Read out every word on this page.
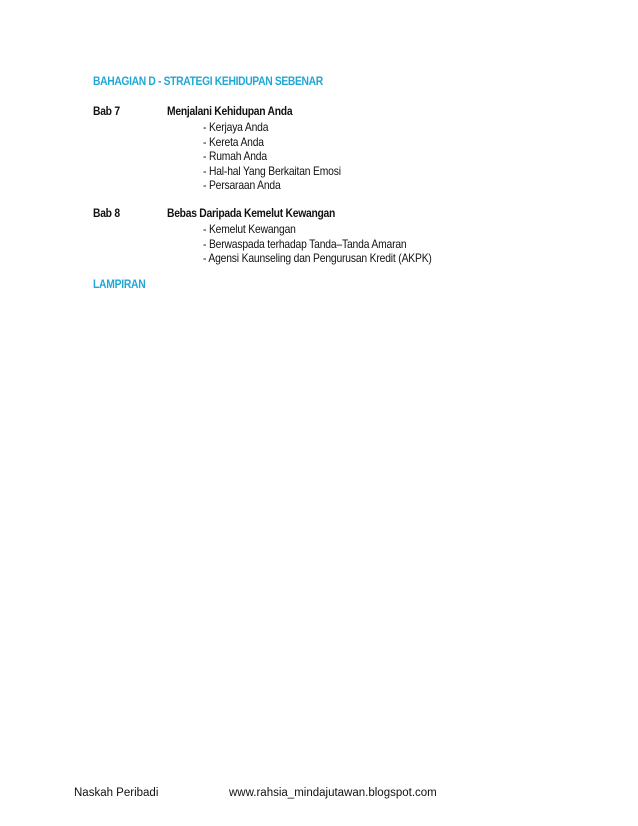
BAHAGIAN D - STRATEGI KEHIDUPAN SEBENAR
Bab 7	Menjalani Kehidupan Anda
- Kerjaya Anda
- Kereta Anda
- Rumah Anda
- Hal-hal Yang Berkaitan Emosi
- Persaraan Anda
Bab 8	Bebas Daripada Kemelut Kewangan
- Kemelut Kewangan
- Berwaspada terhadap Tanda–Tanda Amaran
- Agensi Kaunseling dan Pengurusan Kredit (AKPK)
LAMPIRAN
Naskah Peribadi	www.rahsia_mindajutawan.blogspot.com
